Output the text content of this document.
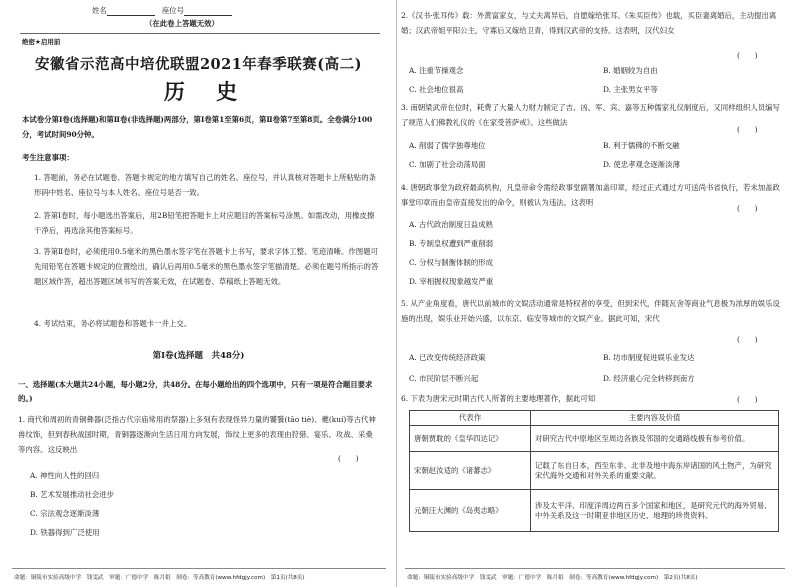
姓名	座位号
（在此卷上答题无效）
绝密★启用前
安徽省示范高中培优联盟2021年春季联赛(高二)
历 史
本试卷分第Ⅰ卷(选择题)和第Ⅱ卷(非选择题)两部分，第Ⅰ卷第1至第6页，第Ⅱ卷第7至第8页。全卷满分100分，考试时间90分钟。
考生注意事项：
1. 答题前，务必在试题卷、答题卡规定的地方填写自己的姓名、座位号，并认真核对答题卡上所粘贴的条形码中姓名、座位号与本人姓名、座位号是否一致。
2. 答第Ⅰ卷时，每小题选出答案后，用2B铅笔把答题卡上对应题目的答案标号涂黑。如需改动，用橡皮擦干净后，再选涂其他答案标号。
3. 答第Ⅱ卷时，必须使用0.5毫米的黑色墨水签字笔在答题卡上书写，要求字体工整、笔迹清晰。作图题可先用铅笔在答题卡规定的位置绘出，确认后再用0.5毫米的黑色墨水签字笔描清楚。必须在题号所指示的答题区域作答，超出答题区域书写的答案无效，在试题卷、草稿纸上答题无效。
4. 考试结束，务必将试题卷和答题卡一并上交。
第Ⅰ卷(选择题　共48分)
一、选择题(本大题共24小题，每小题2分，共48分。在每小题给出的四个选项中，只有一项是符合题目要求的。)
1. 商代和周初的青铜彝器(泛指古代宗庙常用的祭器)上多刻有表现怪异力量的饕餮(tāo tiè)、夔(kuí)等古代神兽纹饰，但到春秋战国时期，青铜器逐渐向生活日用方向发展，饰纹上更多的表现由狩猎、宴乐、攻战、采桑等内容。这反映出
(　　)
A. 神性向人性的回归
B. 艺术发展推动社会进步
C. 宗法观念逐渐淡薄
D. 铁器得到广泛使用
命题：铜陵市实验高级中学　钱雯武　审题：广德中学　陈月娟　制卷：等高教育(www.hfdgjy.com)　第1页(共8页)
2.《汉书·张耳传》载：外黄富家女，与丈夫离异后，自愿嫁给张耳。《朱买臣传》也载，买臣妻离婚后，主动提出离婚；汉武帝姐平阳公主，守寡后又嫁给卫青，得到汉武帝的支持。这表明，汉代妇女
(　　)
A. 注重节操观念	B. 婚姻较为自由
C. 社会地位很高	D. 主张男女平等
3. 南朝梁武帝在位时，耗费了大量人力财力制定了吉、凶、军、宾、嘉等五种儒家礼仪制度后，又同样组织人员编写了规范人们佛教礼仪的《在家受菩萨戒》。这些做法
(　　)
A. 削弱了儒学独尊地位	B. 利于儒佛的不断交融
C. 加剧了社会动荡局面	D. 使忠孝观念逐渐淡薄
4. 唐朝政事堂为政府最高机构，凡皇帝命令需经政事堂副署加盖印章，经过正式通过方可送尚书省执行，若未加盖政事堂印章而由皇帝直接发出的命令，则被认为违法。这表明
(　　)
A. 古代政治制度日益成熟
B. 专制皇权遭到严重削弱
C. 分权与制衡体制的形成
D. 宰相握权现象越发严重
5. 从产业角度看，唐代以前城市的文娱活动通常是特权者的享受，但到宋代，伴随瓦舍等商业气息极为浓厚的娱乐设施的出现，娱乐业开始兴盛，以东京、临安等城市的文娱产业。据此可知，宋代
(　　)
A. 已改变传统经济政策	B. 坊市制度促进娱乐业发达
C. 市民阶层不断兴起	D. 经济重心完全转移到南方
6. 下表为唐宋元时期古代人所著的主要地理著作，据此可知	(　　)
代表作	主要内容及价值
唐朝贾耽的《皇华四达记》	对研究古代中原地区至周边各族及邻国的交通路线极有参考价值。
宋朝赵汝适的《诸蕃志》	记载了东自日本，西至东非、北非及地中海东岸诸国的风土物产，为研究宋代海外交通和对外关系的重要文献。
元朝汪大渊的《岛夷志略》	涉及太平洋、印度洋周边两百多个国家和地区，是研究元代的海外贸易、中外关系及这一时期亚非地区历史、地理的珍贵资料。
命题：铜陵市实验高级中学　钱雯武　审题：广德中学　陈月娟　制卷：等高教育(www.hfdgjy.com)　第2页(共8页)
